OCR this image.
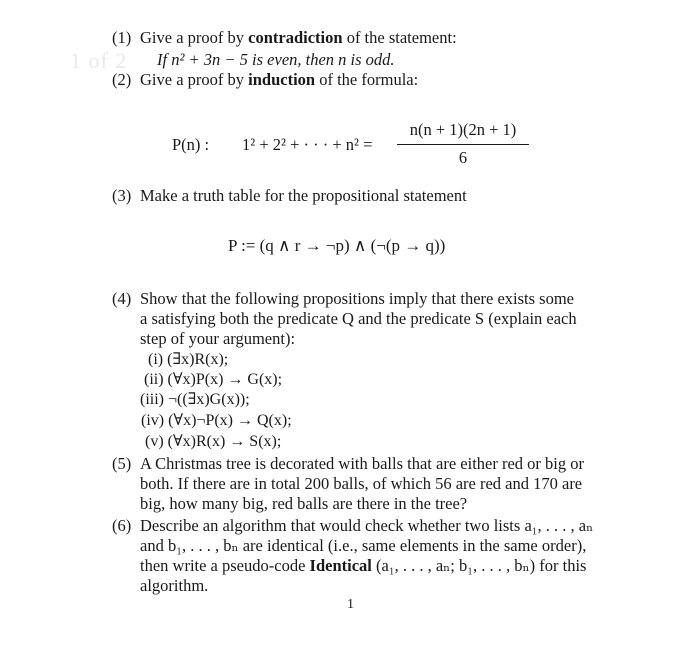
1 of 2
(1) Give a proof by contradiction of the statement:
If n² + 3n − 5 is even, then n is odd.
(2) Give a proof by induction of the formula:
P(n) : 1² + 2² + · · · + n² =
n(n + 1)(2n + 1)
6
(3) Make a truth table for the propositional statement
P := (q ∧ r → ¬p) ∧ (¬(p → q))
(4) Show that the following propositions imply that there exists some
a satisfying both the predicate Q and the predicate S (explain each
step of your argument):
(i) (∃x)R(x);
(ii) (∀x)P(x) → G(x);
(iii) ¬((∃x)G(x));
(iv) (∀x)¬P(x) → Q(x);
(v) (∀x)R(x) → S(x);
(5) A Christmas tree is decorated with balls that are either red or big or
both. If there are in total 200 balls, of which 56 are red and 170 are
big, how many big, red balls are there in the tree?
(6) Describe an algorithm that would check whether two lists a₁, . . . , aₙ
and b₁, . . . , bₙ are identical (i.e., same elements in the same order),
then write a pseudo-code Identical (a₁, . . . , aₙ; b₁, . . . , bₙ) for this
algorithm.
1
